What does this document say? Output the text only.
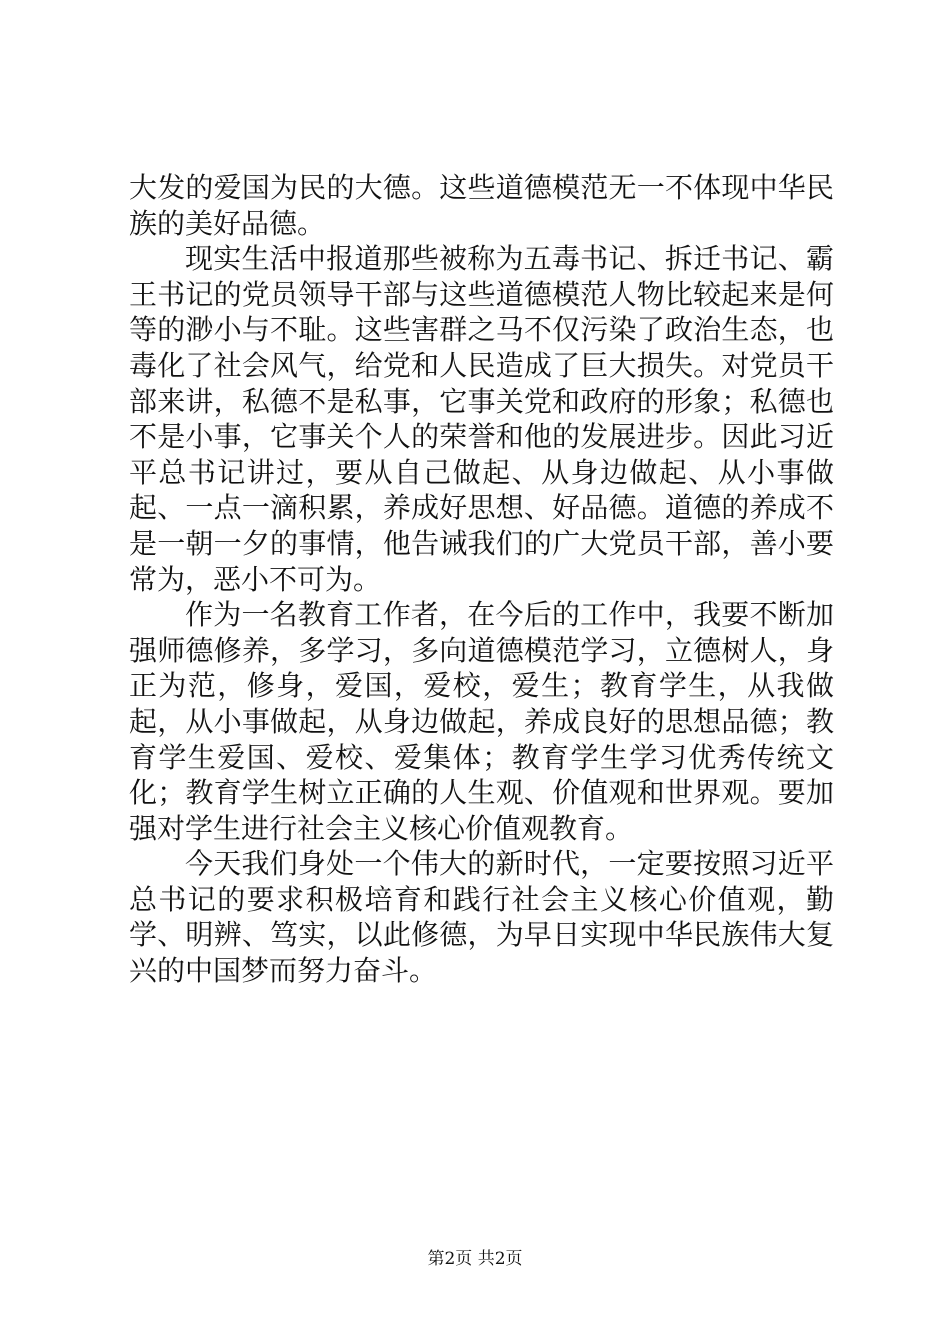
大发的爱国为民的大德。这些道德模范无一不体现中华民族的美好品德。

现实生活中报道那些被称为五毒书记、拆迁书记、霸王书记的党员领导干部与这些道德模范人物比较起来是何等的渺小与不耻。这些害群之马不仅污染了政治生态，也毒化了社会风气，给党和人民造成了巨大损失。对党员干部来讲，私德不是私事，它事关党和政府的形象；私德也不是小事，它事关个人的荣誉和他的发展进步。因此习近平总书记讲过，要从自己做起、从身边做起、从小事做起、一点一滴积累，养成好思想、好品德。道德的养成不是一朝一夕的事情，他告诫我们的广大党员干部，善小要常为，恶小不可为。

作为一名教育工作者，在今后的工作中，我要不断加强师德修养，多学习，多向道德模范学习，立德树人，身正为范，修身，爱国，爱校，爱生；教育学生，从我做起，从小事做起，从身边做起，养成良好的思想品德；教育学生爱国、爱校、爱集体；教育学生学习优秀传统文化；教育学生树立正确的人生观、价值观和世界观。要加强对学生进行社会主义核心价值观教育。

今天我们身处一个伟大的新时代，一定要按照习近平总书记的要求积极培育和践行社会主义核心价值观，勤学、明辨、笃实，以此修德，为早日实现中华民族伟大复兴的中国梦而努力奋斗。

第2页 共2页
